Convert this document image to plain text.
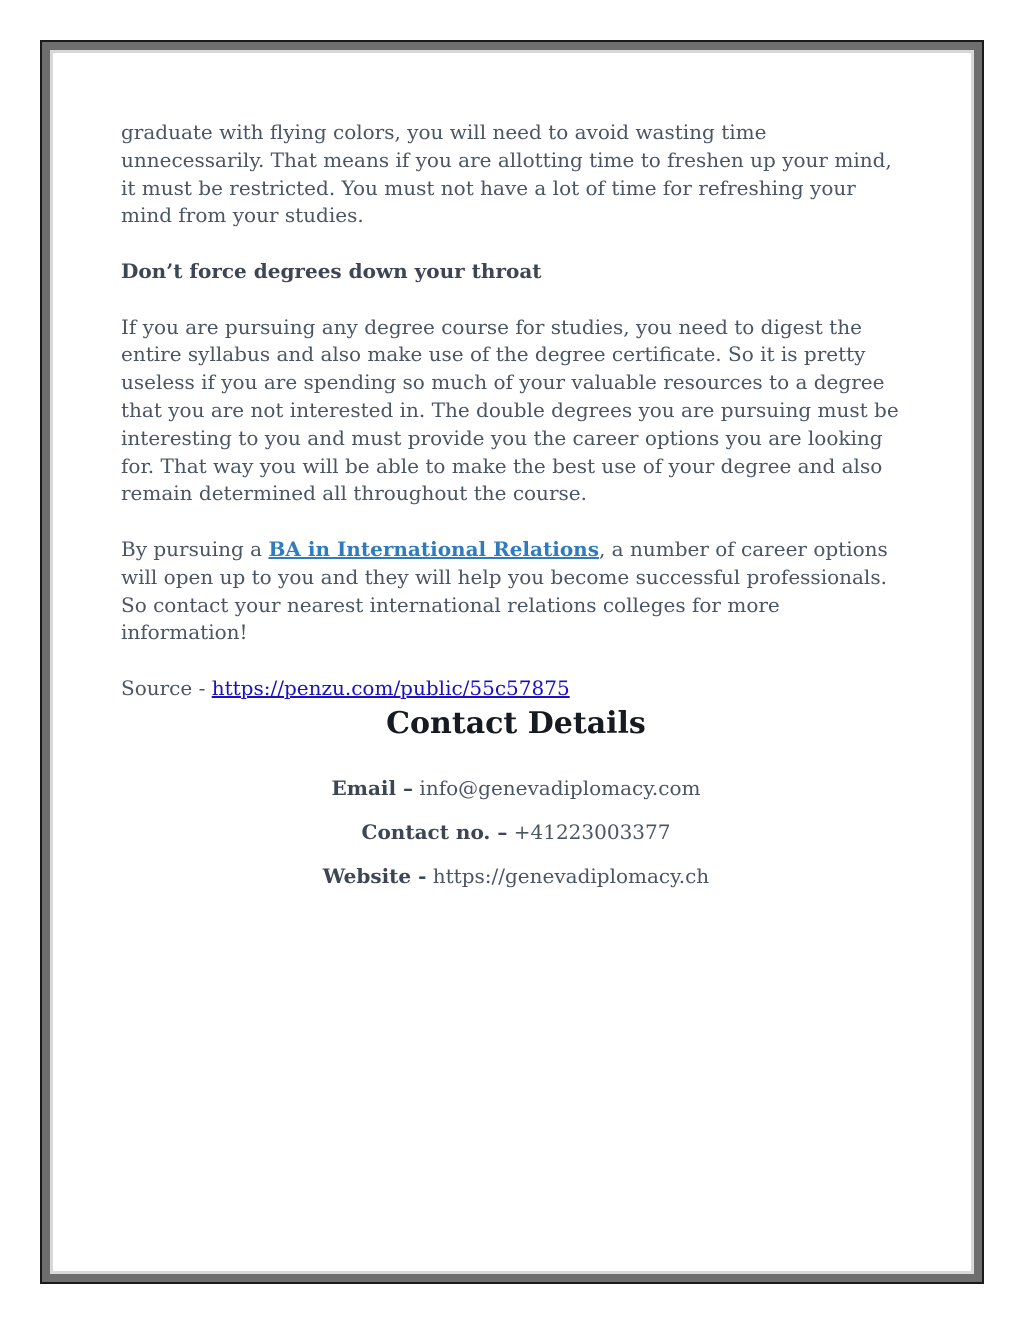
graduate with flying colors, you will need to avoid wasting time unnecessarily. That means if you are allotting time to freshen up your mind, it must be restricted. You must not have a lot of time for refreshing your mind from your studies.

Don’t force degrees down your throat

If you are pursuing any degree course for studies, you need to digest the entire syllabus and also make use of the degree certificate. So it is pretty useless if you are spending so much of your valuable resources to a degree that you are not interested in. The double degrees you are pursuing must be interesting to you and must provide you the career options you are looking for. That way you will be able to make the best use of your degree and also remain determined all throughout the course.

By pursuing a BA in International Relations, a number of career options will open up to you and they will help you become successful professionals. So contact your nearest international relations colleges for more information!

Source - https://penzu.com/public/55c57875

Contact Details
Email – info@genevadiplomacy.com
Contact no. – +41223003377
Website - https://genevadiplomacy.ch
